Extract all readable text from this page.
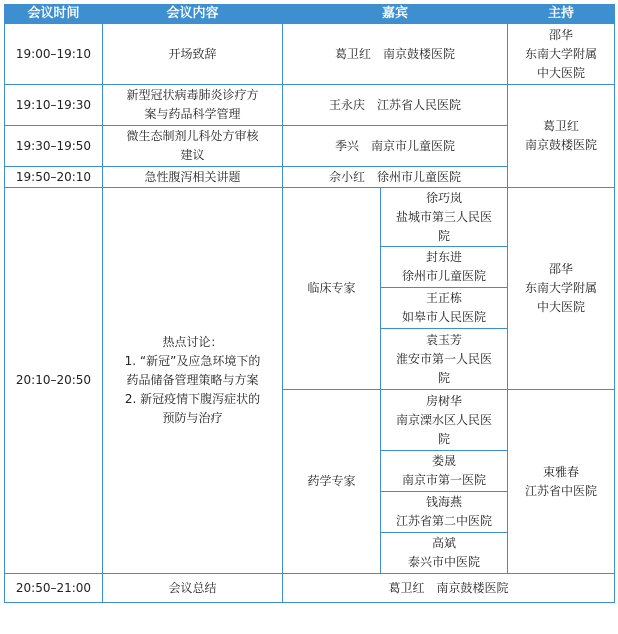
会议时间	会议内容	嘉宾		主持
19:00–19:10	开场致辞	葛卫红 南京鼓楼医院		邵华
东南大学附属
中大医院

19:10–19:30	新型冠状病毒肺炎诊疗方
案与药品科学管理	王永庆 江苏省人民医院		葛卫红
南京鼓楼医院

19:30–19:50	微生态制剂儿科处方审核
建议	季兴 南京市儿童医院		
19:50–20:10	急性腹泻相关讲题	佘小红 徐州市儿童医院		
20:10–20:50	热点讨论：
1. “新冠”及应急环境下的
药品储备管理策略与方案
2. 新冠疫情下腹泻症状的
预防与治疗	临床专家	徐巧岚
盐城市第三人民医
院	邵华
东南大学附属
中大医院

			封东进
徐州市儿童医院	

			王正栋
如皋市人民医院	

			袁玉芳
淮安市第一人民医
院	

		药学专家	房树华
南京溧水区人民医
院	束雅春
江苏省中医院

			娄晟
南京市第一医院	

			钱海燕
江苏省第二中医院	

			高斌
泰兴市中医院	

20:50–21:00	会议总结	葛卫红 南京鼓楼医院		
